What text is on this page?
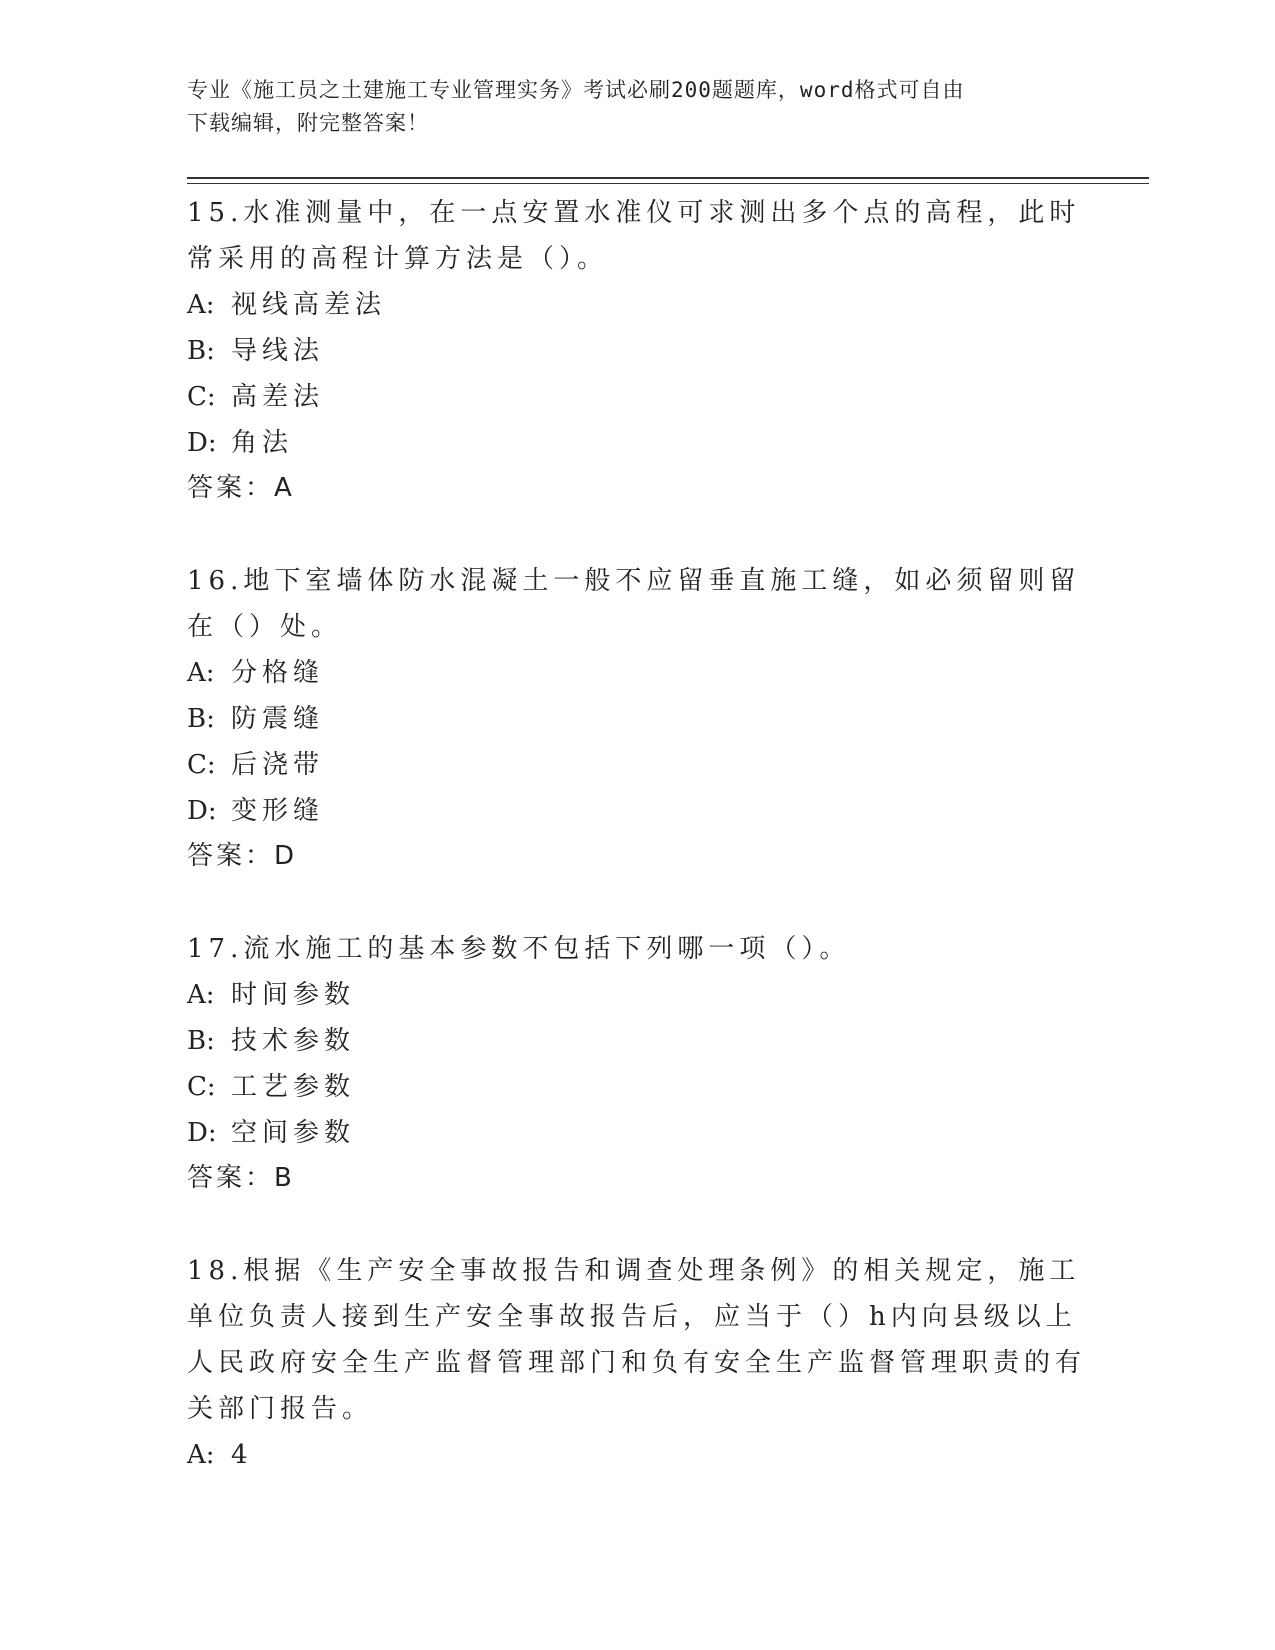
专业《施工员之土建施工专业管理实务》考试必刷200题题库，word格式可自由
下载编辑，附完整答案！
15.水准测量中，在一点安置水准仪可求测出多个点的高程，此时常采用的高程计算方法是（）。
A: 视线高差法
B: 导线法
C: 高差法
D: 角法
答案：A
16.地下室墙体防水混凝土一般不应留垂直施工缝，如必须留则留在（）处。
A: 分格缝
B: 防震缝
C: 后浇带
D: 变形缝
答案：D
17.流水施工的基本参数不包括下列哪一项（）。
A: 时间参数
B: 技术参数
C: 工艺参数
D: 空间参数
答案：B
18.根据《生产安全事故报告和调查处理条例》的相关规定，施工单位负责人接到生产安全事故报告后，应当于（）h内向县级以上人民政府安全生产监督管理部门和负有安全生产监督管理职责的有关部门报告。
A: 4
